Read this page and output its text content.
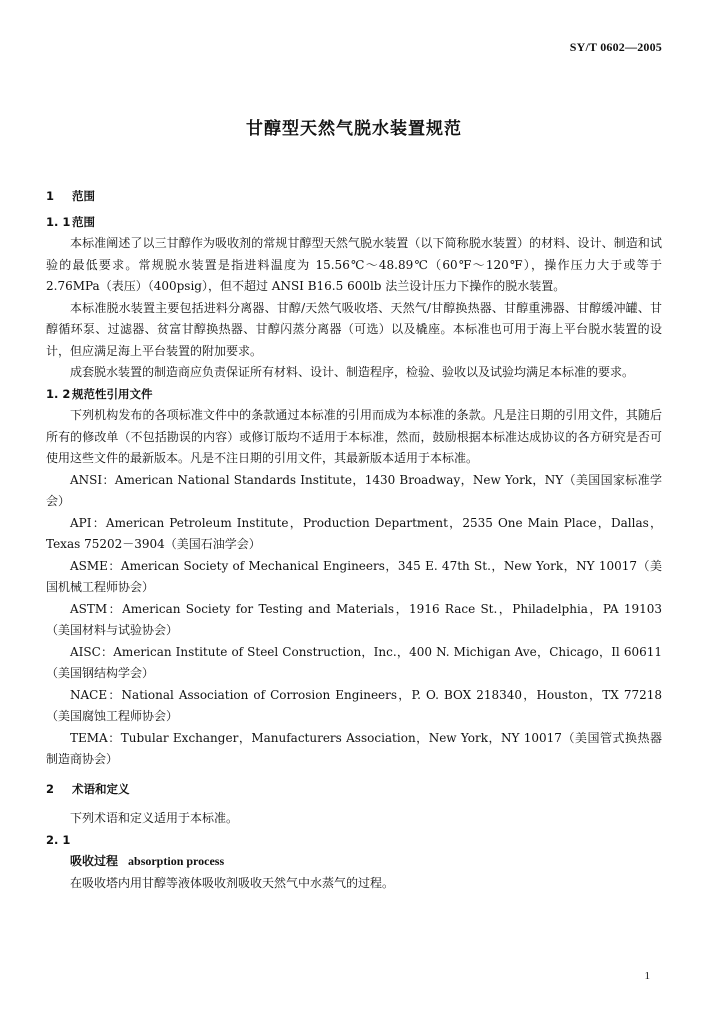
SY/T 0602—2005
甘醇型天然气脱水装置规范

1 范围

1. 1 范围

本标准阐述了以三甘醇作为吸收剂的常规甘醇型天然气脱水装置（以下简称脱水装置）的材料、设计、制造和试验的最低要求。常规脱水装置是指进料温度为 15.56℃～48.89℃（60℉～120℉），操作压力大于或等于 2.76MPa（表压）（400psig），但不超过 ANSI B16.5 600lb 法兰设计压力下操作的脱水装置。

本标准脱水装置主要包括进料分离器、甘醇/天然气吸收塔、天然气/甘醇换热器、甘醇重沸器、甘醇缓冲罐、甘醇循环泵、过滤器、贫富甘醇换热器、甘醇闪蒸分离器（可选）以及橇座。本标准也可用于海上平台脱水装置的设计，但应满足海上平台装置的附加要求。

成套脱水装置的制造商应负责保证所有材料、设计、制造程序，检验、验收以及试验均满足本标准的要求。

1. 2 规范性引用文件

下列机构发布的各项标准文件中的条款通过本标准的引用而成为本标准的条款。凡是注日期的引用文件，其随后所有的修改单（不包括勘误的内容）或修订版均不适用于本标准，然而，鼓励根据本标准达成协议的各方研究是否可使用这些文件的最新版本。凡是不注日期的引用文件，其最新版本适用于本标准。

ANSI：American National Standards Institute，1430 Broadway，New York，NY（美国国家标准学会）

API：American Petroleum Institute，Production Department，2535 One Main Place，Dallas，Texas 75202－3904（美国石油学会）

ASME：American Society of Mechanical Engineers，345 E. 47th St.，New York，NY 10017（美国机械工程师协会）

ASTM：American Society for Testing and Materials，1916 Race St.，Philadelphia，PA 19103（美国材料与试验协会）

AISC：American Institute of Steel Construction，Inc.，400 N. Michigan Ave，Chicago，Il 60611（美国钢结构学会）

NACE：National Association of Corrosion Engineers，P. O. BOX 218340，Houston，TX 77218（美国腐蚀工程师协会）

TEMA：Tubular Exchanger，Manufacturers Association，New York，NY 10017（美国管式换热器制造商协会）

2 术语和定义

下列术语和定义适用于本标准。

2. 1

吸收过程 absorption process

在吸收塔内用甘醇等液体吸收剂吸收天然气中水蒸气的过程。

1
